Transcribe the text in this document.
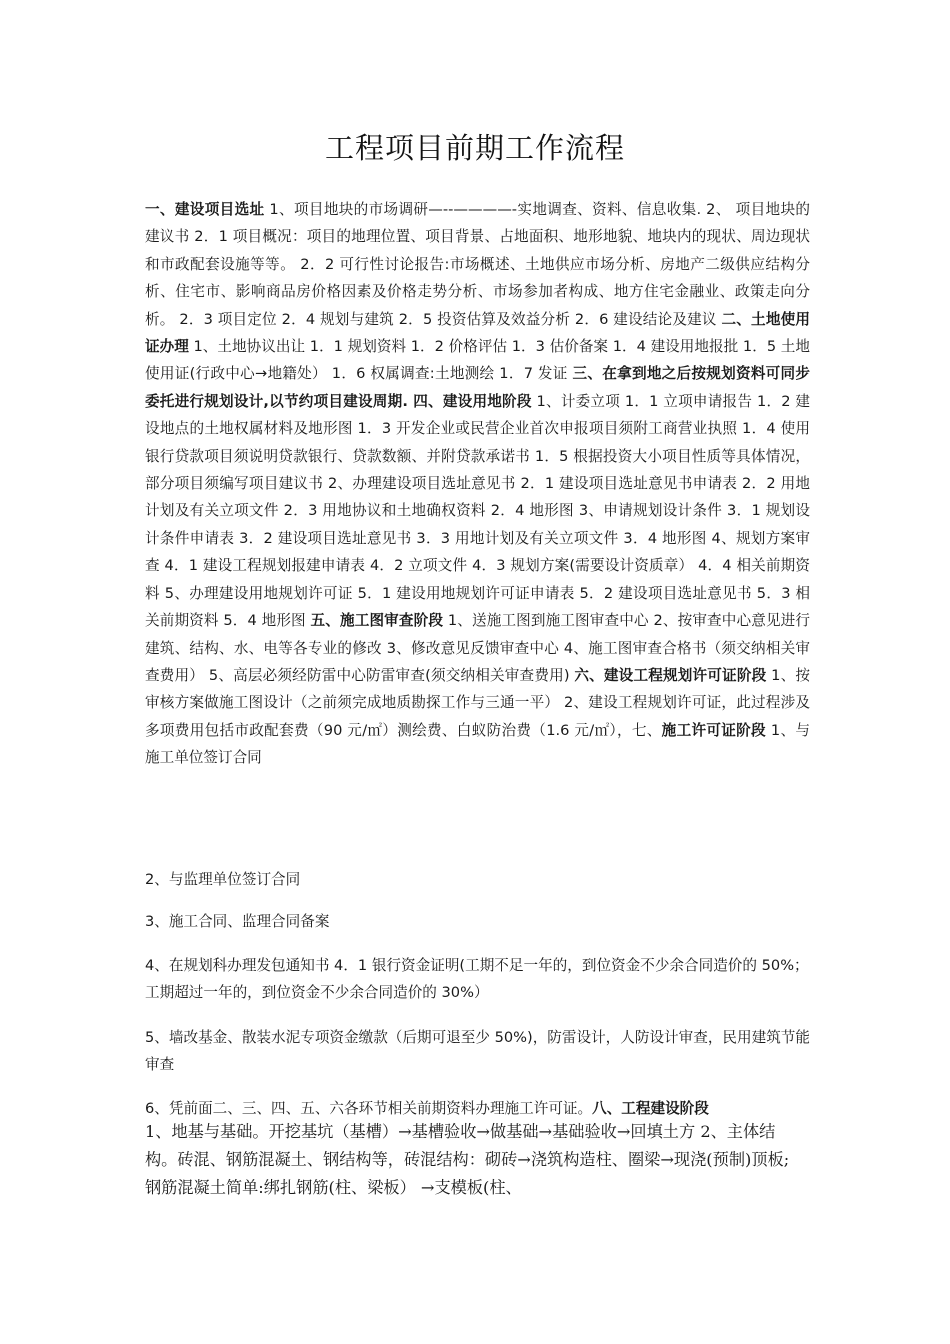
工程项目前期工作流程

一、建设项目选址 1、项目地块的市场调研—--————-实地调查、资料、信息收集. 2、 项目地块的建议书 2．1 项目概况：项目的地理位置、项目背景、占地面积、地形地貌、地块内的现状、周边现状和市政配套设施等等。 2．2 可行性讨论报告:市场概述、土地供应市场分析、房地产二级供应结构分析、住宅市、影响商品房价格因素及价格走势分析、市场参加者构成、地方住宅金融业、政策走向分析。 2．3 项目定位 2．4 规划与建筑 2．5 投资估算及效益分析 2．6 建设结论及建议 二、土地使用证办理 1、土地协议出让 1．1 规划资料 1．2 价格评估 1．3 估价备案 1．4 建设用地报批 1．5 土地使用证(行政中心→地籍处） 1．6 权属调查:土地测绘 1．7 发证 三、在拿到地之后按规划资料可同步委托进行规划设计,以节约项目建设周期. 四、建设用地阶段 1、计委立项 1．1 立项申请报告 1．2 建设地点的土地权属材料及地形图 1．3 开发企业或民营企业首次申报项目须附工商营业执照 1．4 使用银行贷款项目须说明贷款银行、贷款数额、并附贷款承诺书 1．5 根据投资大小项目性质等具体情况，部分项目须编写项目建议书 2、办理建设项目选址意见书 2．1 建设项目选址意见书申请表 2．2 用地计划及有关立项文件 2．3 用地协议和土地确权资料 2．4 地形图 3、申请规划设计条件 3．1 规划设计条件申请表 3．2 建设项目选址意见书 3．3 用地计划及有关立项文件 3．4 地形图 4、规划方案审查 4．1 建设工程规划报建申请表 4．2 立项文件 4．3 规划方案(需要设计资质章） 4．4 相关前期资料 5、办理建设用地规划许可证 5．1 建设用地规划许可证申请表 5．2 建设项目选址意见书 5．3 相关前期资料 5．4 地形图 五、施工图审查阶段 1、送施工图到施工图审查中心 2、按审查中心意见进行建筑、结构、水、电等各专业的修改 3、修改意见反馈审查中心 4、施工图审查合格书（须交纳相关审查费用） 5、高层必须经防雷中心防雷审查(须交纳相关审查费用) 六、建设工程规划许可证阶段 1、按审核方案做施工图设计（之前须完成地质勘探工作与三通一平） 2、建设工程规划许可证，此过程涉及多项费用包括市政配套费（90 元/㎡）测绘费、白蚁防治费（1.6 元/㎡），七、施工许可证阶段 1、与施工单位签订合同

2、与监理单位签订合同

3、施工合同、监理合同备案

4、在规划科办理发包通知书 4．1 银行资金证明(工期不足一年的，到位资金不少余合同造价的 50%；工期超过一年的，到位资金不少余合同造价的 30%）

5、墙改基金、散装水泥专项资金缴款（后期可退至少 50%)，防雷设计，人防设计审查，民用建筑节能审查

6、凭前面二、三、四、五、六各环节相关前期资料办理施工许可证。八、工程建设阶段

1、地基与基础。开挖基坑（基槽）→基槽验收→做基础→基础验收→回填土方 2、主体结构。砖混、钢筋混凝土、钢结构等，砖混结构：砌砖→浇筑构造柱、圈梁→现浇(预制)顶板;钢筋混凝土简单:绑扎钢筋(柱、梁板） →支模板(柱、
